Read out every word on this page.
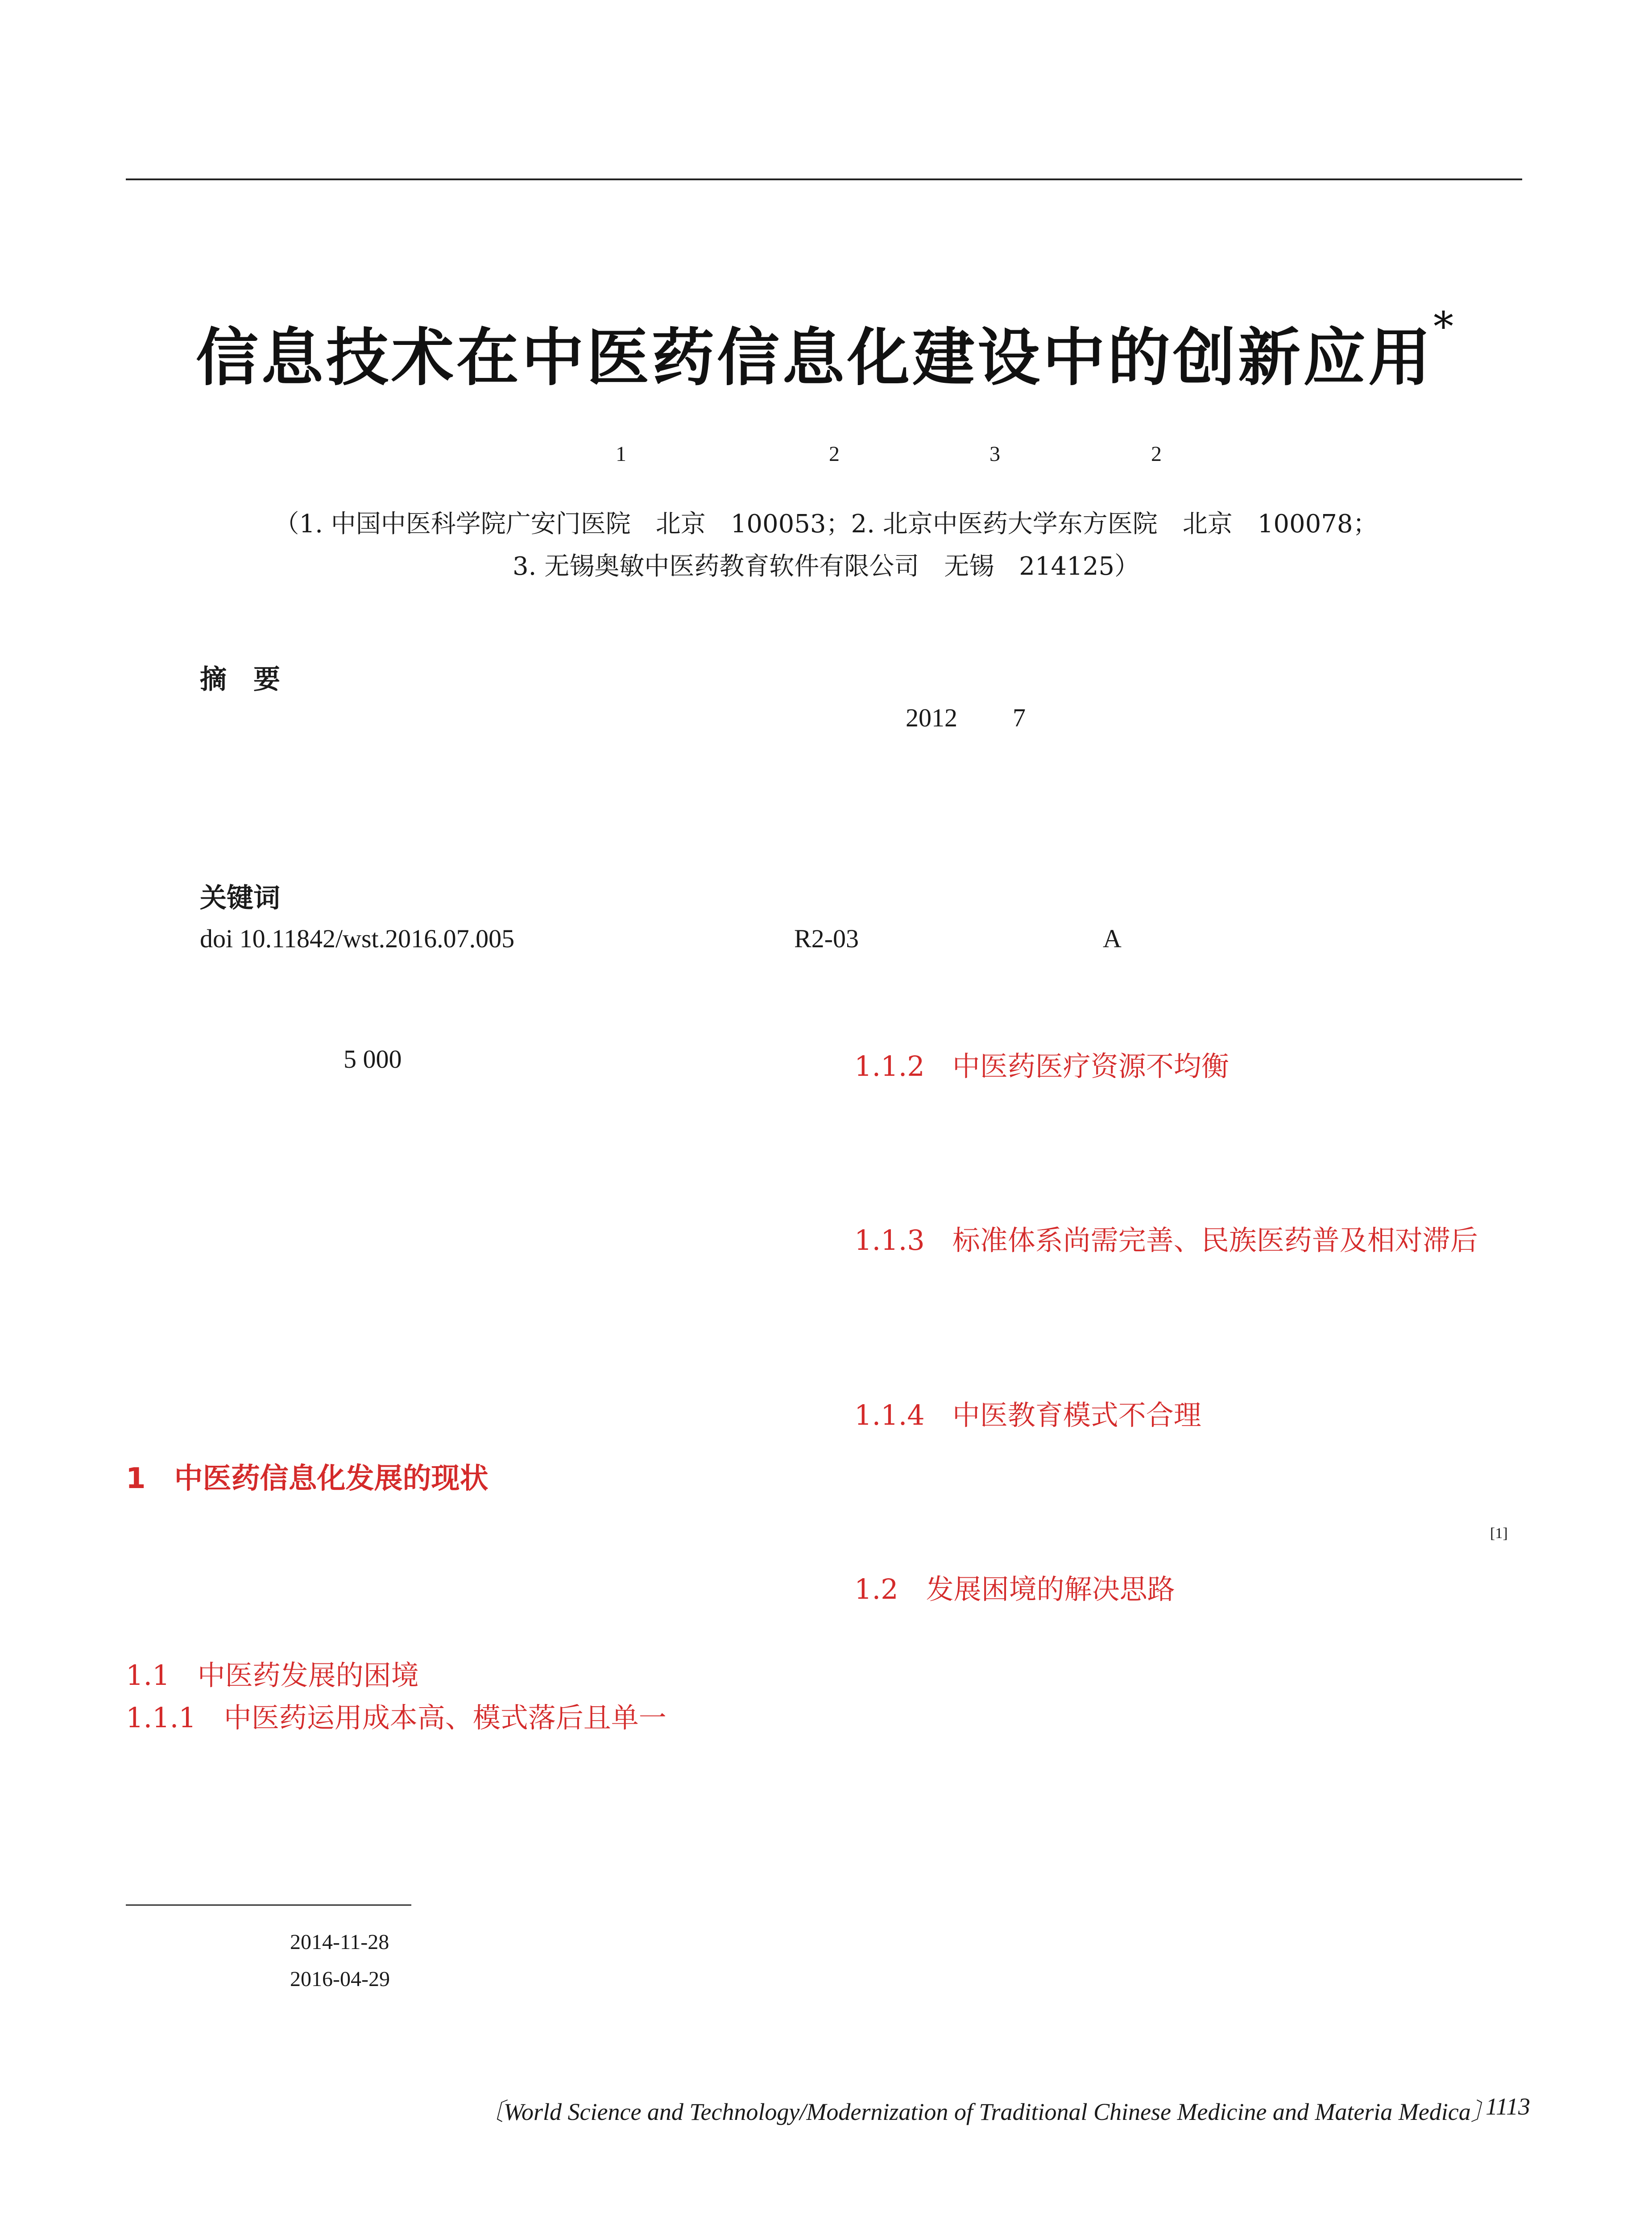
信息技术在中医药信息化建设中的创新应用*
1	2	3	2
（1. 中国中医科学院广安门医院　北京　100053；2. 北京中医药大学东方医院　北京　100078；
3. 无锡奥敏中医药教育软件有限公司　无锡　214125）
摘　要
2012 7
关键词
doi 10.11842/wst.2016.07.005	R2-03	A
5 000
1　中医药信息化发展的现状
1.1　中医药发展的困境
1.1.1　中医药运用成本高、模式落后且单一
1.1.2　中医药医疗资源不均衡
1.1.3　标准体系尚需完善、民族医药普及相对滞后
1.1.4　中医教育模式不合理
[1]
1.2　发展困境的解决思路
2014-11-28
2016-04-29
〔World Science and Technology/Modernization of Traditional Chinese Medicine and Materia Medica〕
1113
